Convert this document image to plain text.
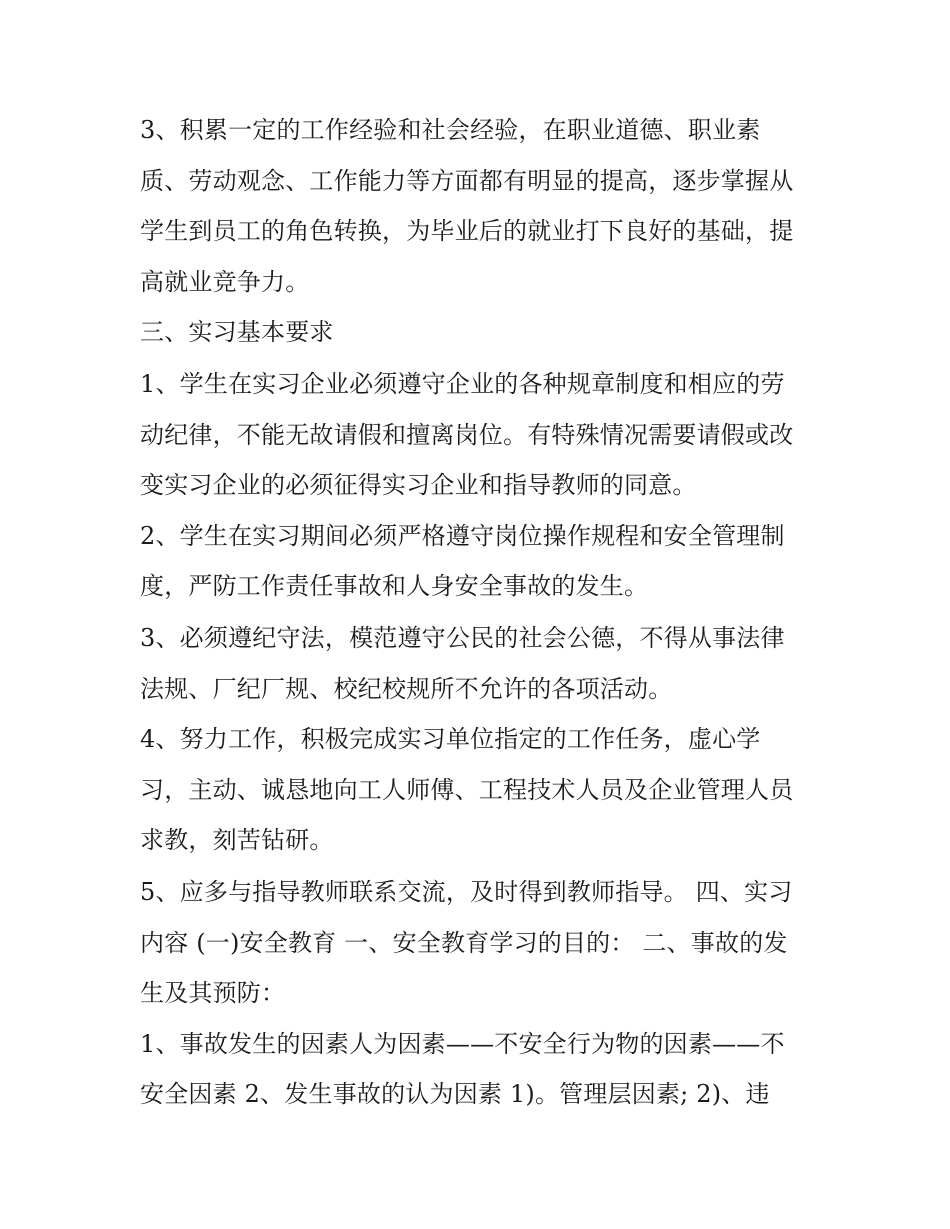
3、积累一定的工作经验和社会经验，在职业道德、职业素
质、劳动观念、工作能力等方面都有明显的提高，逐步掌握从
学生到员工的角色转换，为毕业后的就业打下良好的基础，提
高就业竞争力。
三、实习基本要求
1、学生在实习企业必须遵守企业的各种规章制度和相应的劳
动纪律，不能无故请假和擅离岗位。有特殊情况需要请假或改
变实习企业的必须征得实习企业和指导教师的同意。
2、学生在实习期间必须严格遵守岗位操作规程和安全管理制
度，严防工作责任事故和人身安全事故的发生。
3、必须遵纪守法，模范遵守公民的社会公德，不得从事法律
法规、厂纪厂规、校纪校规所不允许的各项活动。
4、努力工作，积极完成实习单位指定的工作任务，虚心学
习，主动、诚恳地向工人师傅、工程技术人员及企业管理人员
求教，刻苦钻研。
5、应多与指导教师联系交流，及时得到教师指导。 四、实习
内容 (一)安全教育 一、安全教育学习的目的： 二、事故的发
生及其预防：
1、事故发生的因素人为因素——不安全行为物的因素——不
安全因素 2、发生事故的认为因素 1)。管理层因素; 2)、违
